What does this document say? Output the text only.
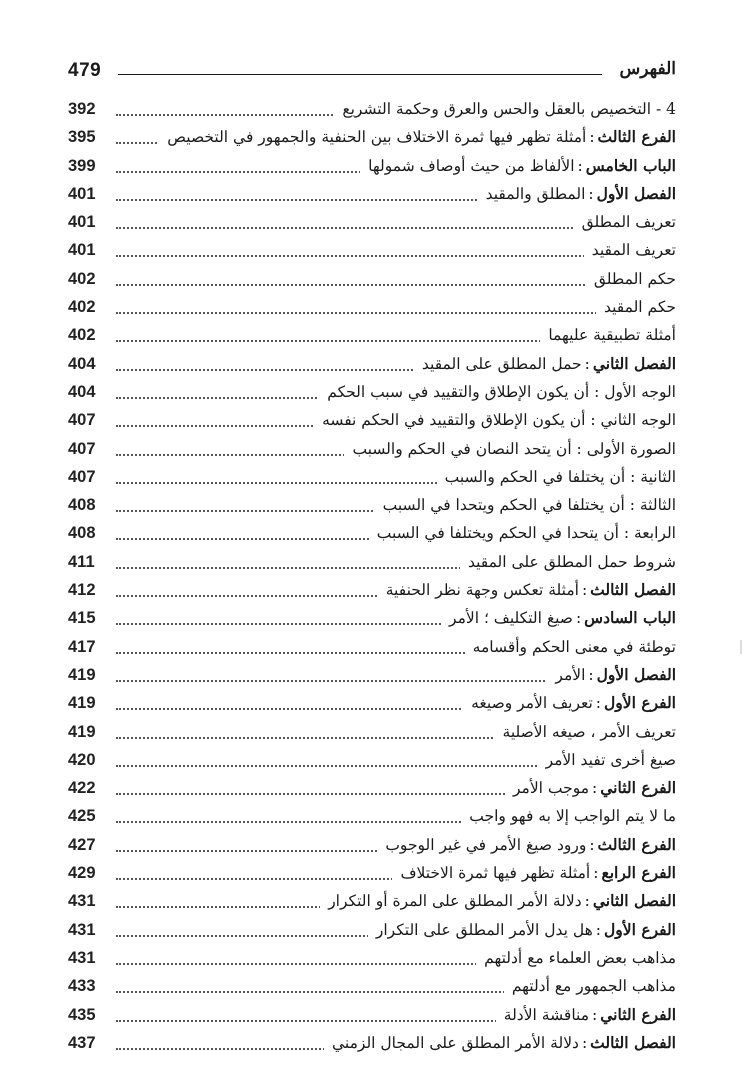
479	الفهرس
392	4 - التخصيص بالعقل والحس والعرق وحكمة التشريع
395	الفرع الثالث:أمثلة تظهر فيها ثمرة الاختلاف بين الحنفية والجمهور في التخصيص
399	الباب الخامس:الألفاظ من حيث أوصاف شمولها
401	الفصل الأول:المطلق والمقيد
401	تعريف المطلق
401	تعريف المقيد
402	حكم المطلق
402	حكم المقيد
402	أمثلة تطبيقية عليهما
404	الفصل الثاني:حمل المطلق على المقيد
404	الوجه الأول : أن يكون الإطلاق والتقييد في سبب الحكم
407	الوجه الثاني : أن يكون الإطلاق والتقييد في الحكم نفسه
407	الصورة الأولى : أن يتحد النصان في الحكم والسبب
407	الثانية : أن يختلفا في الحكم والسبب
408	الثالثة : أن يختلفا في الحكم ويتحدا في السبب
408	الرابعة : أن يتحدا في الحكم ويختلفا في السبب
411	شروط حمل المطلق على المقيد
412	الفصل الثالث:أمثلة تعكس وجهة نظر الحنفية
415	الباب السادس:صيغ التكليف ؛ الأمر
417	توطئة في معنى الحكم وأقسامه
419	الفصل الأول:الأمر
419	الفرع الأول:تعريف الأمر وصيغه
419	تعريف الأمر ، صيغه الأصلية
420	صيغ أخرى تفيد الأمر
422	الفرع الثاني:موجب الأمر
425	ما لا يتم الواجب إلا به فهو واجب
427	الفرع الثالث:ورود صيغ الأمر في غير الوجوب
429	الفرع الرابع:أمثلة تظهر فيها ثمرة الاختلاف
431	الفصل الثاني:دلالة الأمر المطلق على المرة أو التكرار
431	الفرع الأول:هل يدل الأمر المطلق على التكرار
431	مذاهب بعض العلماء مع أدلتهم
433	مذاهب الجمهور مع أدلتهم
435	الفرع الثاني:مناقشة الأدلة
437	الفصل الثالث:دلالة الأمر المطلق على المجال الزمني
